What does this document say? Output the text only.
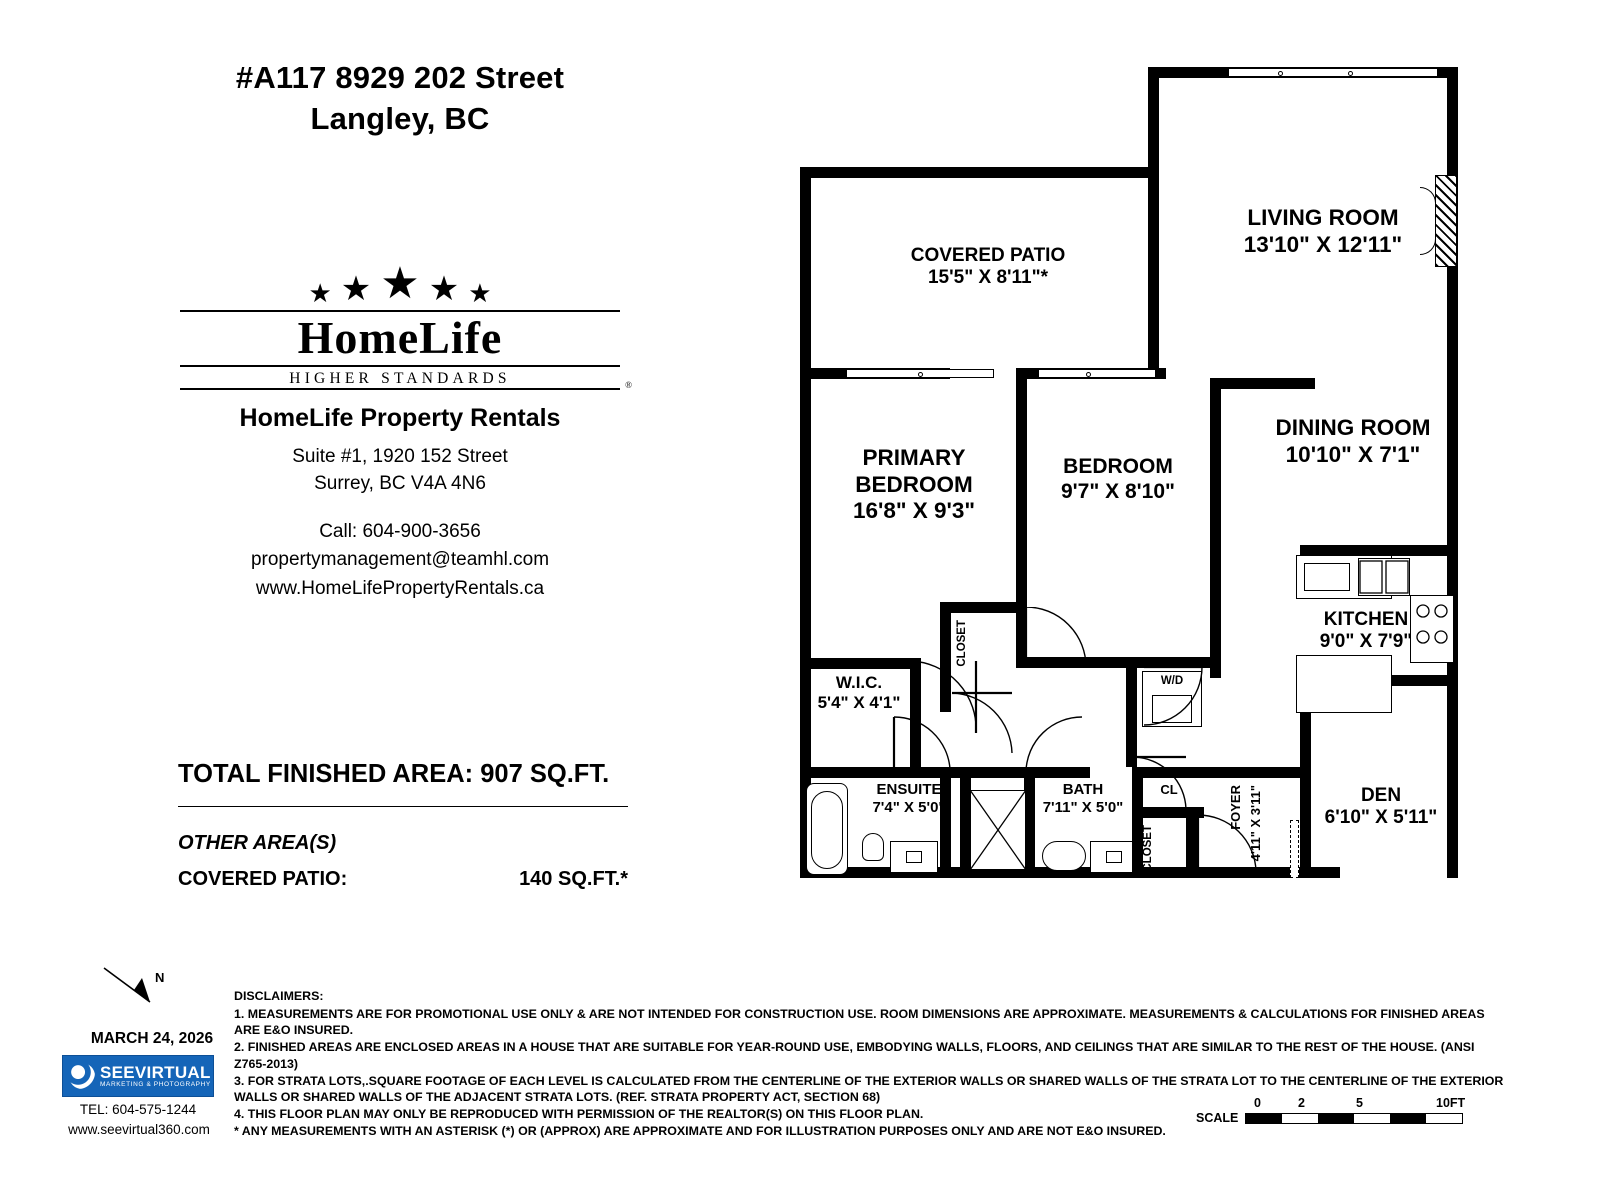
#A117 8929 202 Street
Langley, BC
★ ★ ★ ★ ★
HomeLife
HIGHER STANDARDS	®
HomeLife Property Rentals
Suite #1, 1920 152 Street
Surrey, BC V4A 4N6
Call: 604-900-3656
propertymanagement@teamhl.com
www.HomeLifePropertyRentals.ca
TOTAL FINISHED AREA: 907 SQ.FT.
OTHER AREA(S)
COVERED PATIO:	140 SQ.FT.*
N
MARCH 24, 2026
SEEVIRTUAL
MARKETING & PHOTOGRAPHY
TEL: 604-575-1244
www.seevirtual360.com
DISCLAIMERS:

1. MEASUREMENTS ARE FOR PROMOTIONAL USE ONLY & ARE NOT INTENDED FOR CONSTRUCTION USE. ROOM DIMENSIONS ARE APPROXIMATE. MEASUREMENTS & CALCULATIONS FOR FINISHED AREAS ARE E&O INSURED.

2. FINISHED AREAS ARE ENCLOSED AREAS IN A HOUSE THAT ARE SUITABLE FOR YEAR-ROUND USE, EMBODYING WALLS, FLOORS, AND CEILINGS THAT ARE SIMILAR TO THE REST OF THE HOUSE. (ANSI Z765-2013)

3. FOR STRATA LOTS,.SQUARE FOOTAGE OF EACH LEVEL IS CALCULATED FROM THE CENTERLINE OF THE EXTERIOR WALLS OR SHARED WALLS OF THE STRATA LOT TO THE CENTERLINE OF THE EXTERIOR WALLS OR SHARED WALLS OF THE ADJACENT STRATA LOTS. (REF. STRATA PROPERTY ACT, SECTION 68)

4. THIS FLOOR PLAN MAY ONLY BE REPRODUCED WITH PERMISSION OF THE REALTOR(S) ON THIS FLOOR PLAN.

* ANY MEASUREMENTS WITH AN ASTERISK (*) OR (APPROX) ARE APPROXIMATE AND FOR ILLUSTRATION PURPOSES ONLY AND ARE NOT E&O INSURED.

0	2	5	10FT
SCALE
W/D
CLOSET
CL
CLOSET
FOYER 4'11" X 3'11"
LIVING ROOM
13'10" X 12'11"
COVERED PATIO
15'5" X 8'11"*
DINING ROOM
10'10" X 7'1"
PRIMARY
BEDROOM
16'8" X 9'3"
BEDROOM
9'7" X 8'10"
KITCHEN
9'0" X 7'9"
W.I.C.
5'4" X 4'1"
ENSUITE
7'4" X 5'0"
BATH
7'11" X 5'0"
DEN
6'10" X 5'11"
